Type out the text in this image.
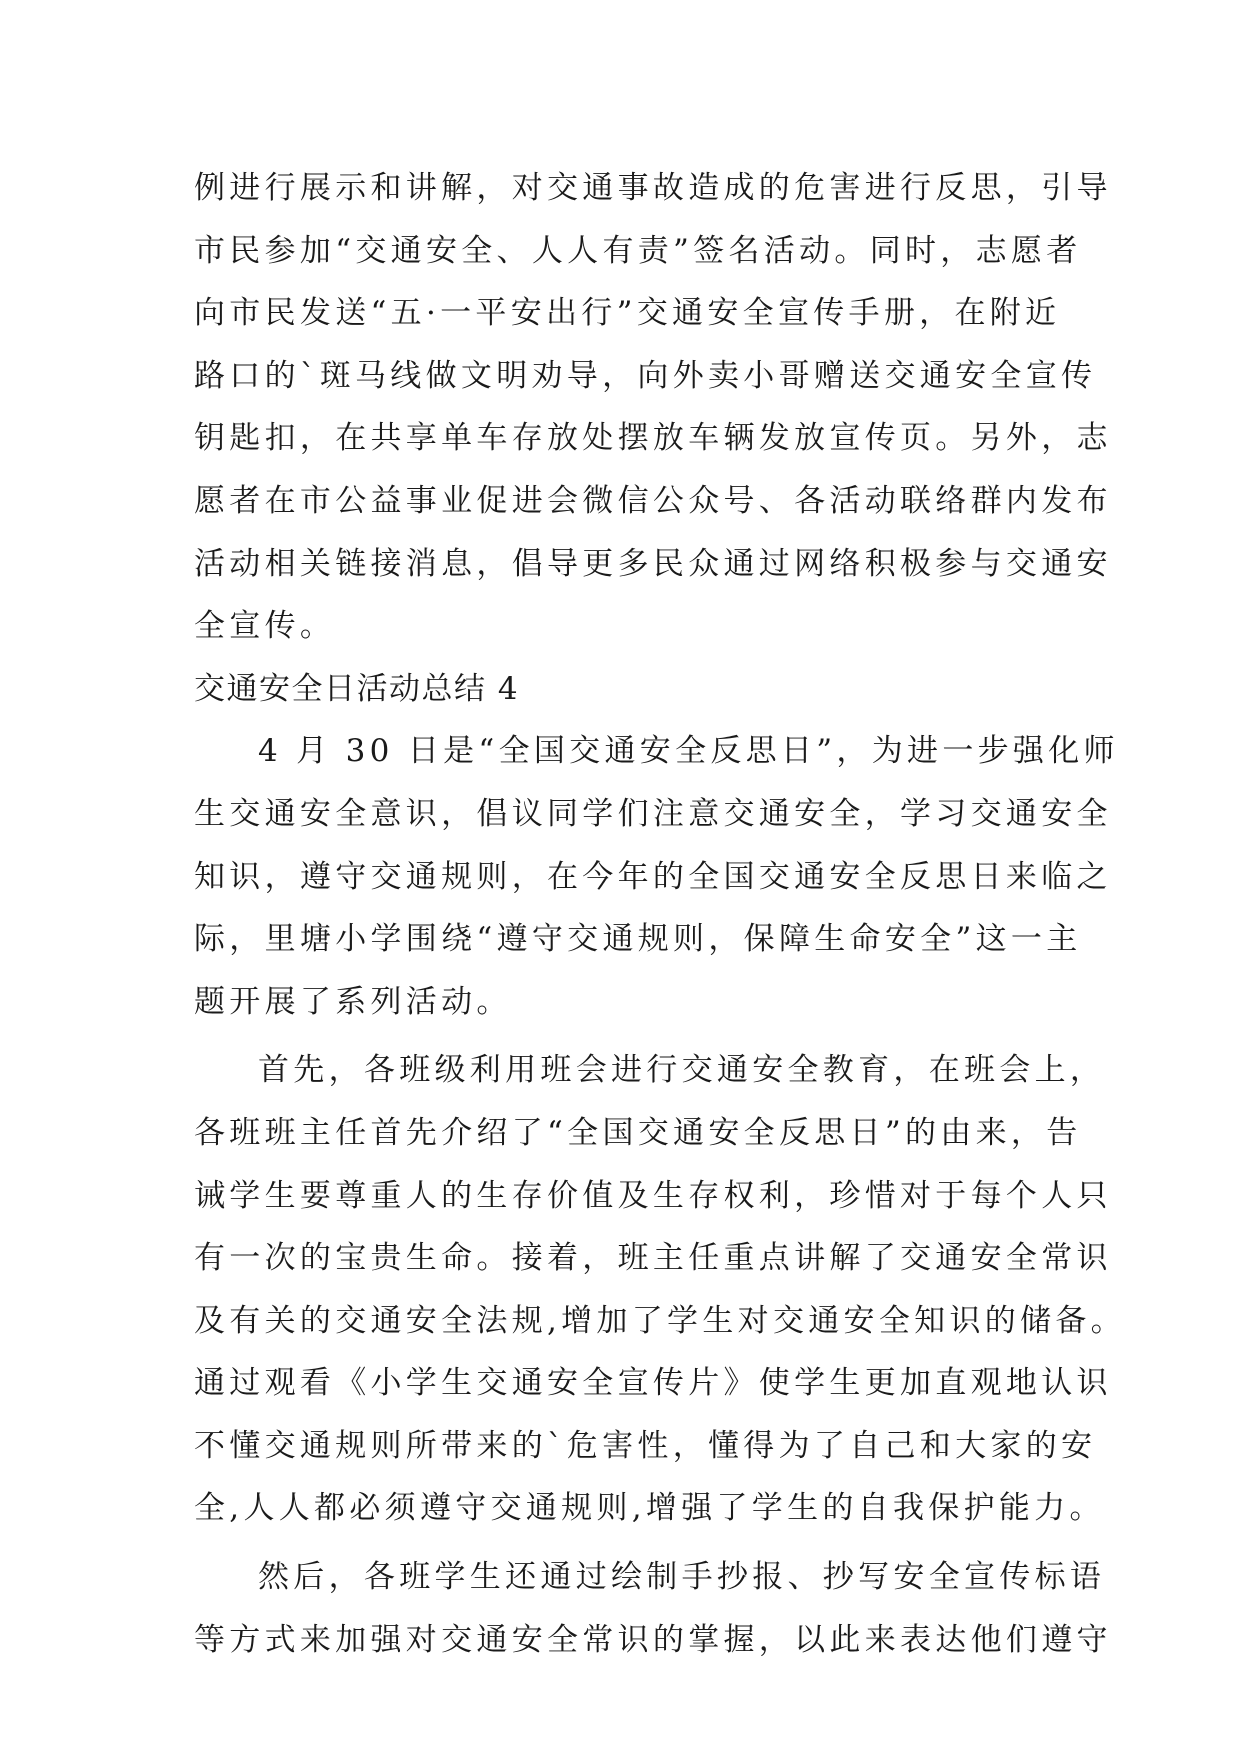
例进行展示和讲解，对交通事故造成的危害进行反思，引导
市民参加“交通安全、人人有责”签名活动。同时，志愿者
向市民发送“五·一平安出行”交通安全宣传手册，在附近
路口的`斑马线做文明劝导，向外卖小哥赠送交通安全宣传
钥匙扣，在共享单车存放处摆放车辆发放宣传页。另外，志
愿者在市公益事业促进会微信公众号、各活动联络群内发布
活动相关链接消息，倡导更多民众通过网络积极参与交通安
全宣传。
交通安全日活动总结 4
4 月 30 日是“全国交通安全反思日”，为进一步强化师
生交通安全意识，倡议同学们注意交通安全，学习交通安全
知识，遵守交通规则，在今年的全国交通安全反思日来临之
际，里塘小学围绕“遵守交通规则，保障生命安全”这一主
题开展了系列活动。
首先，各班级利用班会进行交通安全教育，在班会上，
各班班主任首先介绍了“全国交通安全反思日”的由来，告
诫学生要尊重人的生存价值及生存权利，珍惜对于每个人只
有一次的宝贵生命。接着，班主任重点讲解了交通安全常识
及有关的交通安全法规,增加了学生对交通安全知识的储备。
通过观看《小学生交通安全宣传片》使学生更加直观地认识
不懂交通规则所带来的`危害性，懂得为了自己和大家的安
全,人人都必须遵守交通规则,增强了学生的自我保护能力。
然后，各班学生还通过绘制手抄报、抄写安全宣传标语
等方式来加强对交通安全常识的掌握，以此来表达他们遵守
